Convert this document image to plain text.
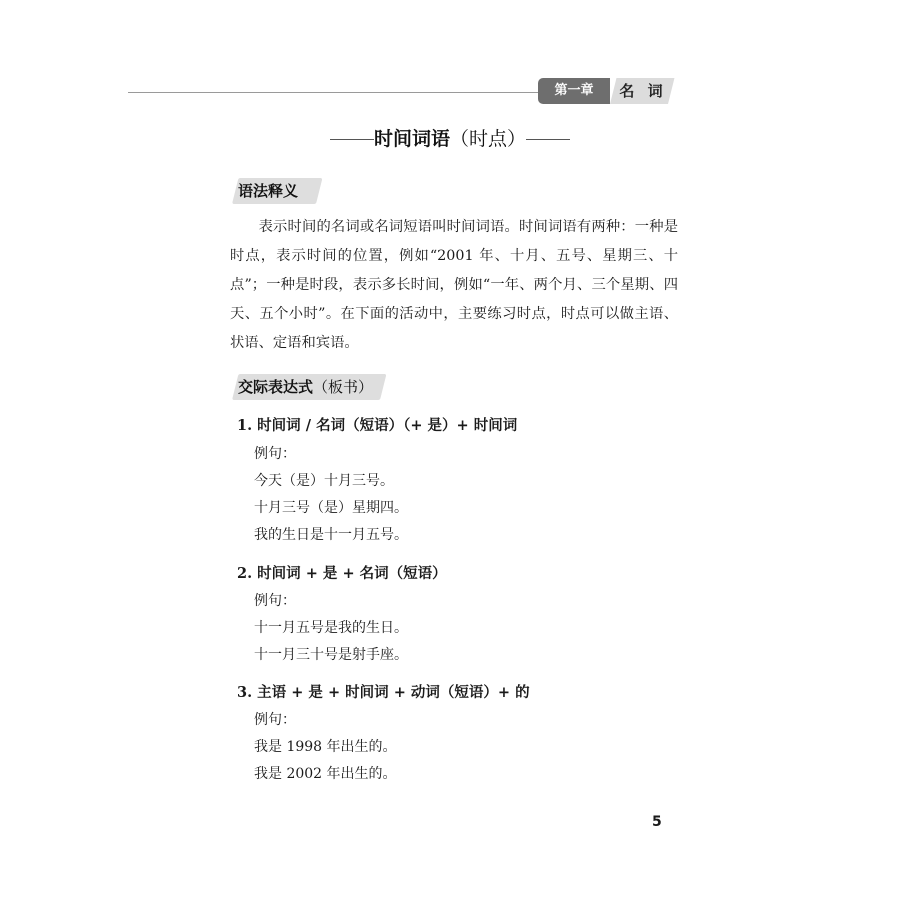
第一章	名 词
时间词语（时点）
语法释义

表示时间的名词或名词短语叫时间词语。时间词语有两种：一种是时点，表示时间的位置，例如“2001 年、十月、五号、星期三、十点”；一种是时段，表示多长时间，例如“一年、两个月、三个星期、四天、五个小时”。在下面的活动中，主要练习时点，时点可以做主语、状语、定语和宾语。

交际表达式（板书）
1. 时间词 / 名词（短语）（+ 是）+ 时间词
例句：
今天（是）十月三号。
十月三号（是）星期四。
我的生日是十一月五号。
2. 时间词 + 是 + 名词（短语）
例句：
十一月五号是我的生日。
十一月三十号是射手座。
3. 主语 + 是 + 时间词 + 动词（短语）+ 的
例句：
我是 1998 年出生的。
我是 2002 年出生的。
5
